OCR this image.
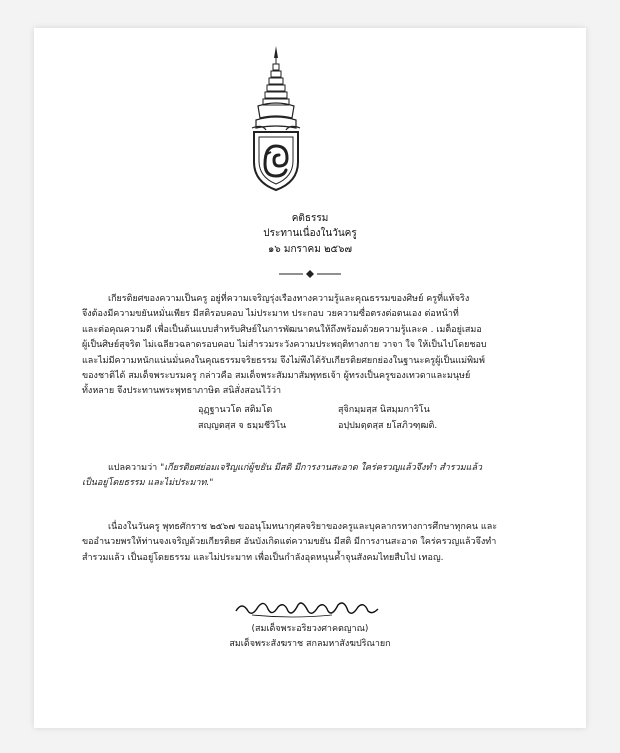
คติธรรม
ประทานเนื่องในวันครู
๑๖ มกราคม ๒๕๖๗
เกียรติยศของความเป็นครู อยู่ที่ความเจริญรุ่งเรืองทางความรู้และคุณธรรมของศิษย์ ครูที่แท้จริง
จึงต้องมีความขยันหมั่นเพียร มีสติรอบคอบ ไม่ประมาท ประกอบ วยความซื่อตรงต่อตนเอง ต่อหน้าที่
และต่อคุณความดี เพื่อเป็นต้นแบบสำหรับศิษย์ในการพัฒนาตนให้ถึงพร้อมด้วยความรู้และค . เมต็อยู่เสมอ
ผู้เป็นศิษย์สุจริต ไม่เฉลียวฉลาดรอบคอบ ไม่สำรวมระวังความประพฤติทางกาย วาจา ใจ ให้เป็นไปโดยชอบ
และไม่มีความหนักแน่นมั่นคงในคุณธรรมจริยธรรม จึงไม่พึงได้รับเกียรติยศยกย่องในฐานะครูผู้เป็นแม่พิมพ์
ของชาติได้ สมเด็จพระบรมครู กล่าวคือ สมเด็จพระสัมมาสัมพุทธเจ้า ผู้ทรงเป็นครูของเทวดาและมนุษย์
ทั้งหลาย จึงประทานพระพุทธาภาษิต สนิสั่งสอนไว้ว่า
อุฏฺฐานวโต สติมโต	สุจิกมฺมสฺส นิสมฺมการิโน
สญฺญตสฺส จ ธมฺมชีวิโน	อปฺปมตฺตสฺส ยโสภิวฑฺฒติ.
แปลความว่า "เกียรติยศย่อมเจริญแก่ผู้ขยัน มีสติ มีการงานสะอาด ใคร่ครวญแล้วจึงทำ สำรวมแล้ว
เป็นอยู่โดยธรรม และไม่ประมาท."
เนื่องในวันครู พุทธศักราช ๒๕๖๗ ขออนุโมทนากุศลจริยาของครูและบุคลากรทางการศึกษาทุกคน และ
ขออำนวยพรให้ท่านจงเจริญด้วยเกียรติยศ อันบังเกิดแต่ความขยัน มีสติ มีการงานสะอาด ใคร่ครวญแล้วจึงทำ
สำรวมแล้ว เป็นอยู่โดยธรรม และไม่ประมาท เพื่อเป็นกำลังอุดหนุนค้ำจุนสังคมไทยสืบไป เทอญ.
(สมเด็จพระอริยวงศาคตญาณ)
สมเด็จพระสังฆราช สกลมหาสังฆปริณายก
